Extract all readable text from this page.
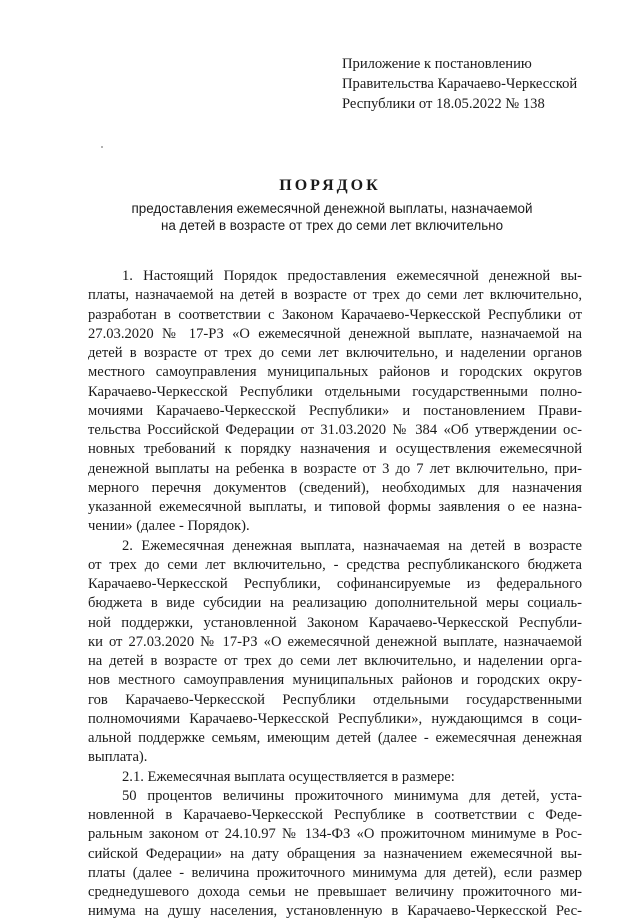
Приложение к постановлению
Правительства Карачаево-Черкесской
Республики от 18.05.2022 № 138
ПОРЯДОК
предоставления ежемесячной денежной выплаты, назначаемой
на детей в возрасте от трех до семи лет включительно
1. Настоящий Порядок предоставления ежемесячной денежной вы-
платы, назначаемой на детей в возрасте от трех до семи лет включительно,
разработан в соответствии с Законом Карачаево-Черкесской Республики от
27.03.2020 № 17-РЗ «О ежемесячной денежной выплате, назначаемой на
детей в возрасте от трех до семи лет включительно, и наделении органов
местного самоуправления муниципальных районов и городских округов
Карачаево-Черкесской Республики отдельными государственными полно-
мочиями Карачаево-Черкесской Республики» и постановлением Прави-
тельства Российской Федерации от 31.03.2020 № 384 «Об утверждении ос-
новных требований к порядку назначения и осуществления ежемесячной
денежной выплаты на ребенка в возрасте от 3 до 7 лет включительно, при-
мерного перечня документов (сведений), необходимых для назначения
указанной ежемесячной выплаты, и типовой формы заявления о ее назна-
чении» (далее - Порядок).
2. Ежемесячная денежная выплата, назначаемая на детей в возрасте
от трех до семи лет включительно, - средства республиканского бюджета
Карачаево-Черкесской Республики, софинансируемые из федерального
бюджета в виде субсидии на реализацию дополнительной меры социаль-
ной поддержки, установленной Законом Карачаево-Черкесской Республи-
ки от 27.03.2020 № 17-РЗ «О ежемесячной денежной выплате, назначаемой
на детей в возрасте от трех до семи лет включительно, и наделении орга-
нов местного самоуправления муниципальных районов и городских окру-
гов Карачаево-Черкесской Республики отдельными государственными
полномочиями Карачаево-Черкесской Республики», нуждающимся в соци-
альной поддержке семьям, имеющим детей (далее - ежемесячная денежная
выплата).
2.1. Ежемесячная выплата осуществляется в размере:
50 процентов величины прожиточного минимума для детей, уста-
новленной в Карачаево-Черкесской Республике в соответствии с Феде-
ральным законом от 24.10.97 № 134-ФЗ «О прожиточном минимуме в Рос-
сийской Федерации» на дату обращения за назначением ежемесячной вы-
платы (далее - величина прожиточного минимума для детей), если размер
среднедушевого дохода семьи не превышает величину прожиточного ми-
нимума на душу населения, установленную в Карачаево-Черкесской Рес-
